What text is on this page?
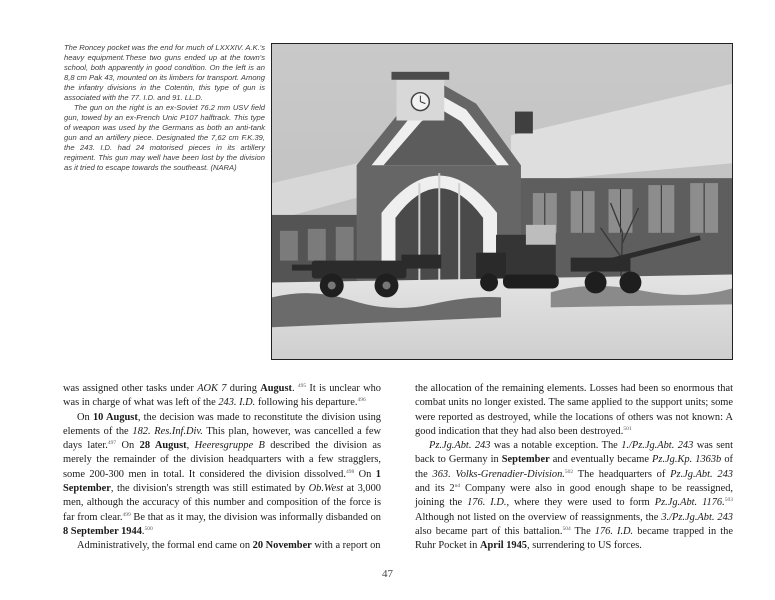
The Roncey pocket was the end for much of LXXXIV. A.K.'s heavy equipment.These two guns ended up at the town's school, both apparently in good condition. On the left is an 8,8 cm Pak 43, mounted on its limbers for transport. Among the infantry divisions in the Cotentin, this type of gun is associated with the 77. I.D. and 91. LL.D.

The gun on the right is an ex-Soviet 76.2 mm USV field gun, towed by an ex-French Unic P107 halftrack. This type of weapon was used by the Germans as both an anti-tank gun and an artillery piece. Designated the 7,62 cm F.K.39, the 243. I.D. had 24 motorised pieces in its artillery regiment. This gun may well have been lost by the division as it tried to escape towards the southeast. (NARA)

was assigned other tasks under AOK 7 during August. $^{495}$ It is unclear who was in charge of what was left of the 243. I.D. following his departure.$^{496}$

On 10 August, the decision was made to reconstitute the division using elements of the 182. Res.Inf.Div. This plan, however, was cancelled a few days later.$^{497}$ On 28 August, Heeresgruppe B described the division as merely the remainder of the division headquarters with a few stragglers, some 200-300 men in total. It considered the division dissolved.$^{498}$ On 1 September, the division's strength was still estimated by Ob.West at 3,000 men, although the accuracy of this number and composition of the force is far from clear.$^{499}$ Be that as it may, the division was informally disbanded on 8 September 1944.$^{500}$

Administratively, the formal end came on 20 November with a report on

the allocation of the remaining elements. Losses had been so enormous that combat units no longer existed. The same applied to the support units; some were reported as destroyed, while the locations of others was not known: A good indication that they had also been destroyed.$^{501}$

Pz.Jg.Abt. 243 was a notable exception. The 1./Pz.Jg.Abt. 243 was sent back to Germany in September and eventually became Pz.Jg.Kp. 1363b of the 363. Volks-Grenadier-Division.$^{502}$ The headquarters of Pz.Jg.Abt. 243 and its 2nd Company were also in good enough shape to be reassigned, joining the 176. I.D., where they were used to form Pz.Jg.Abt. 1176.$^{503}$ Although not listed on the overview of reassignments, the 3./Pz.Jg.Abt. 243 also became part of this battalion.$^{504}$ The 176. I.D. became trapped in the Ruhr Pocket in April 1945, surrendering to US forces.

47
